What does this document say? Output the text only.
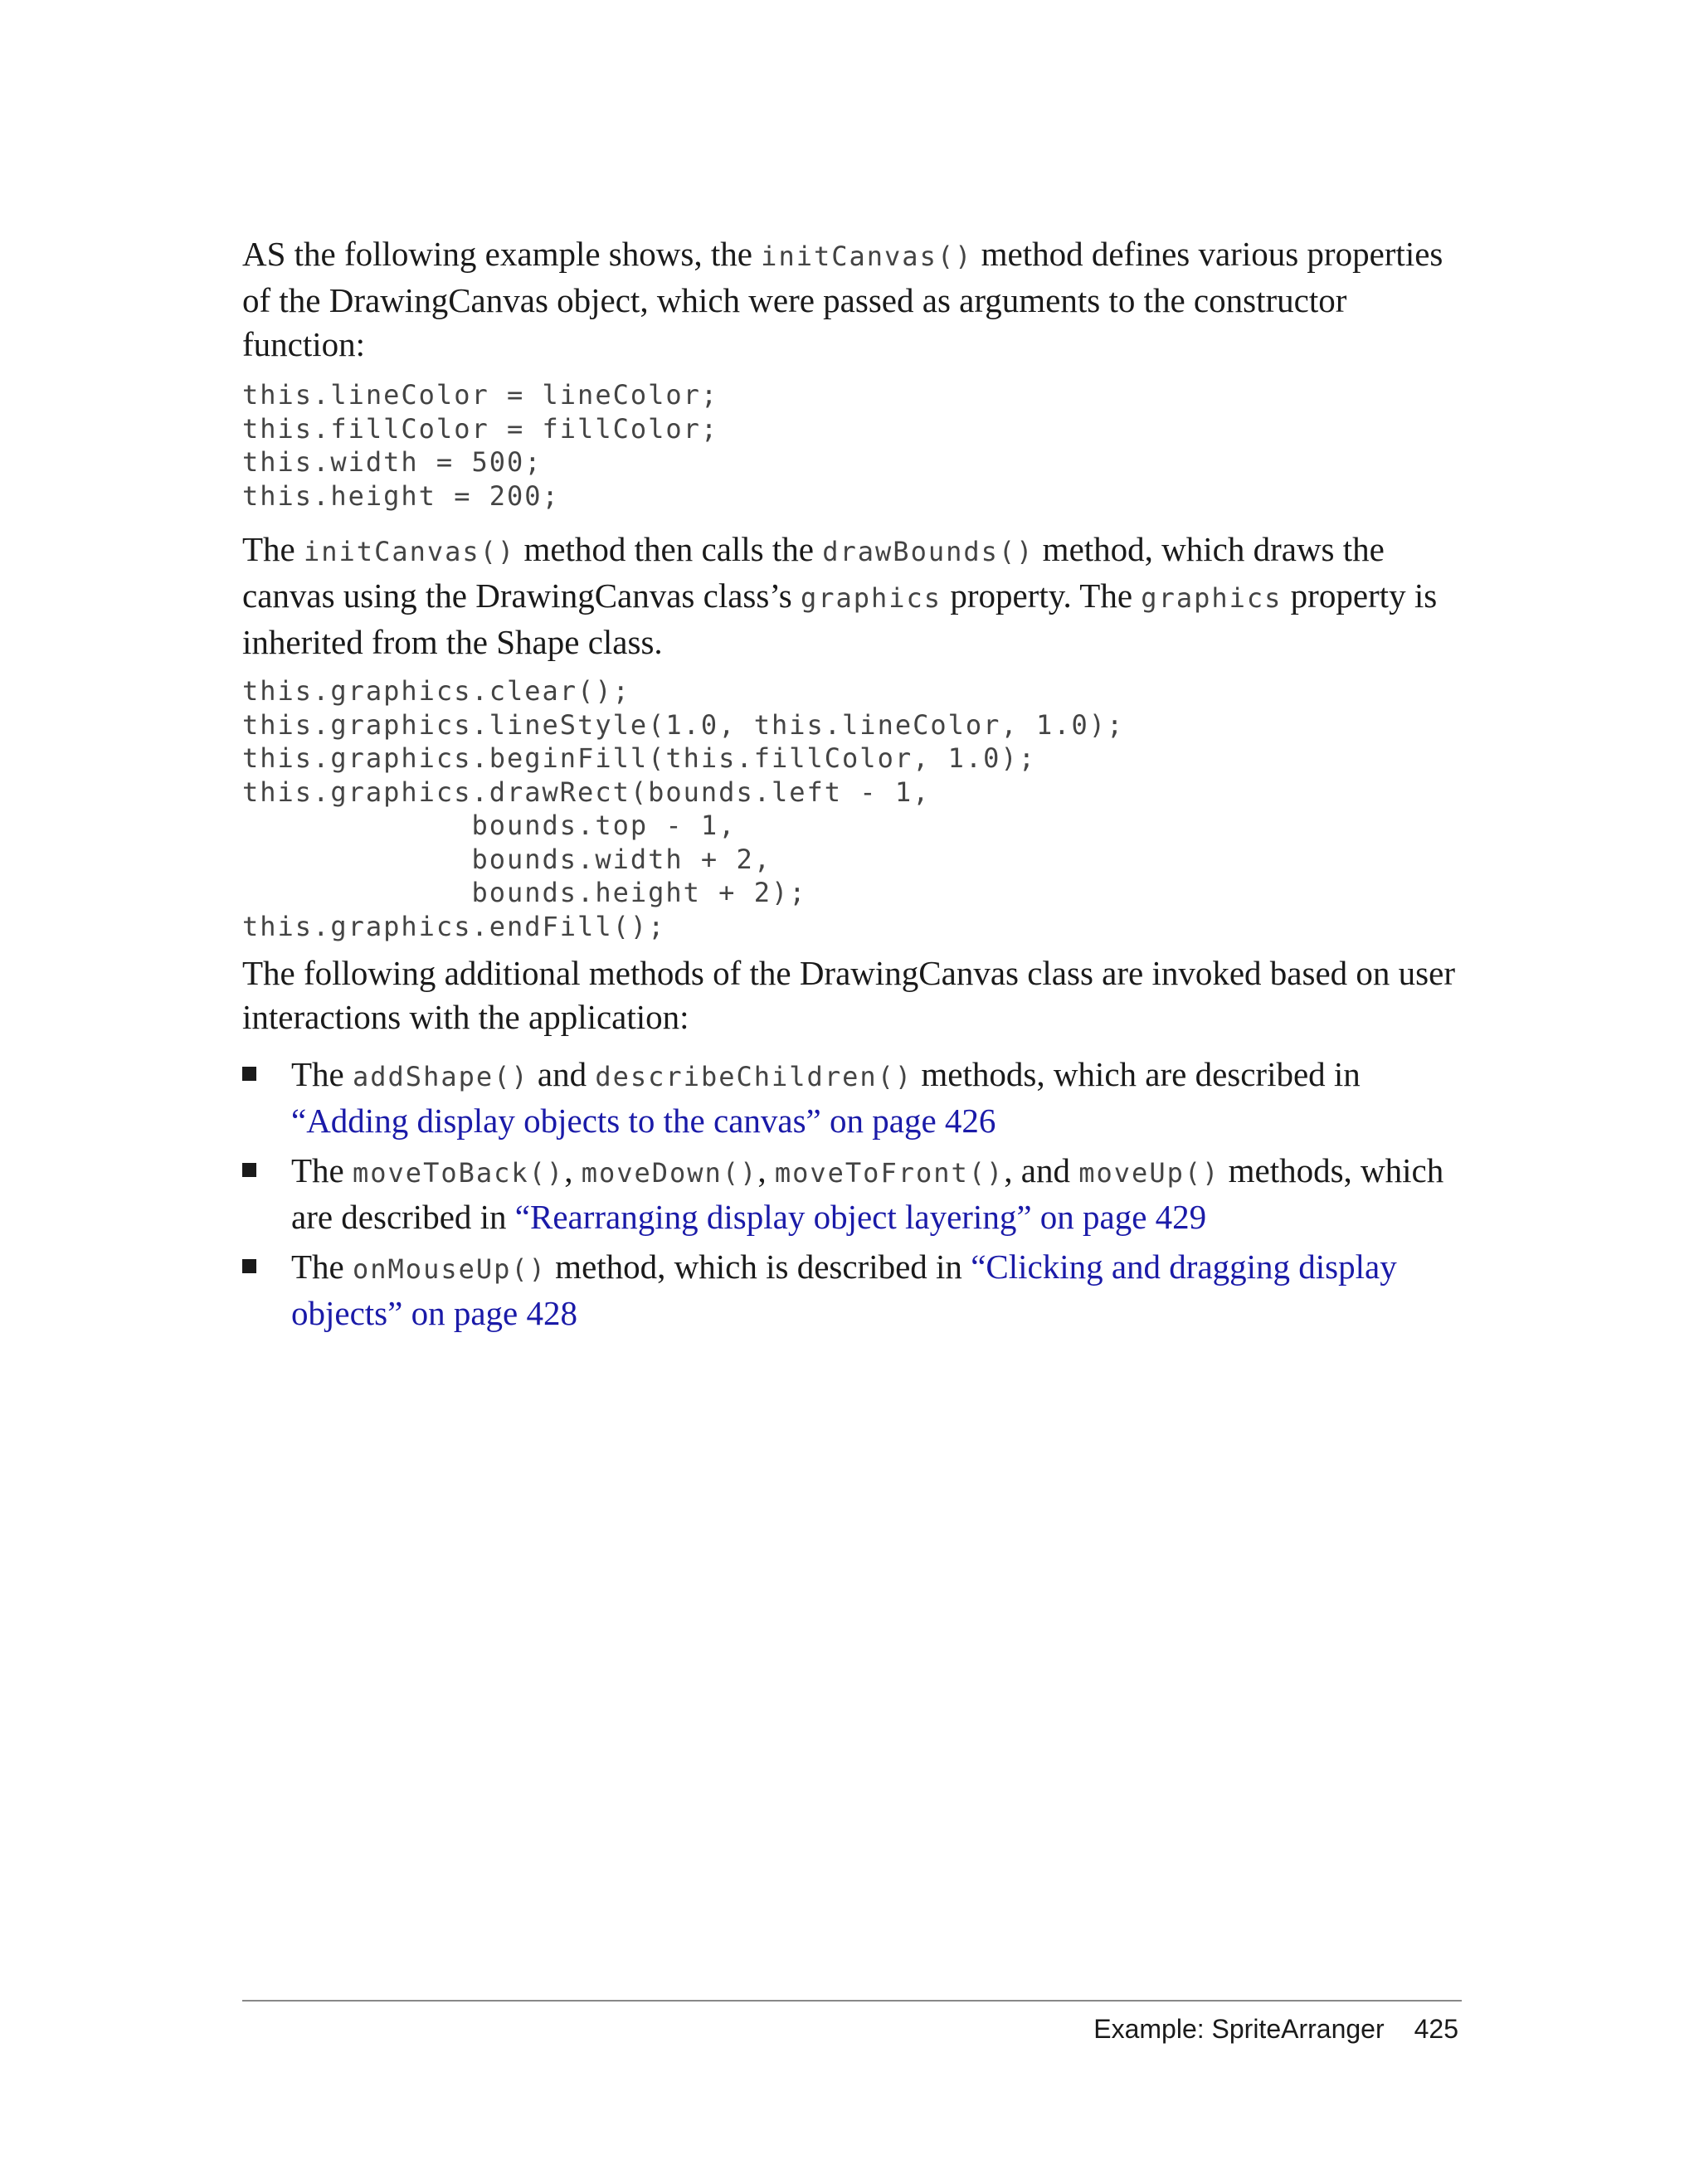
AS the following example shows, the initCanvas() method defines various properties of the DrawingCanvas object, which were passed as arguments to the constructor function:

this.lineColor = lineColor;
this.fillColor = fillColor;
this.width = 500;
this.height = 200;

The initCanvas() method then calls the drawBounds() method, which draws the canvas using the DrawingCanvas class’s graphics property. The graphics property is inherited from the Shape class.

this.graphics.clear();
this.graphics.lineStyle(1.0, this.lineColor, 1.0);
this.graphics.beginFill(this.fillColor, 1.0);
this.graphics.drawRect(bounds.left - 1,
bounds.top - 1,
bounds.width + 2,
bounds.height + 2);
this.graphics.endFill();

The following additional methods of the DrawingCanvas class are invoked based on user interactions with the application:

The addShape() and describeChildren() methods, which are described in “Adding display objects to the canvas” on page 426
The moveToBack(), moveDown(), moveToFront(), and moveUp() methods, which are described in “Rearranging display object layering” on page 429
The onMouseUp() method, which is described in “Clicking and dragging display objects” on page 428
Example: SpriteArranger 425
